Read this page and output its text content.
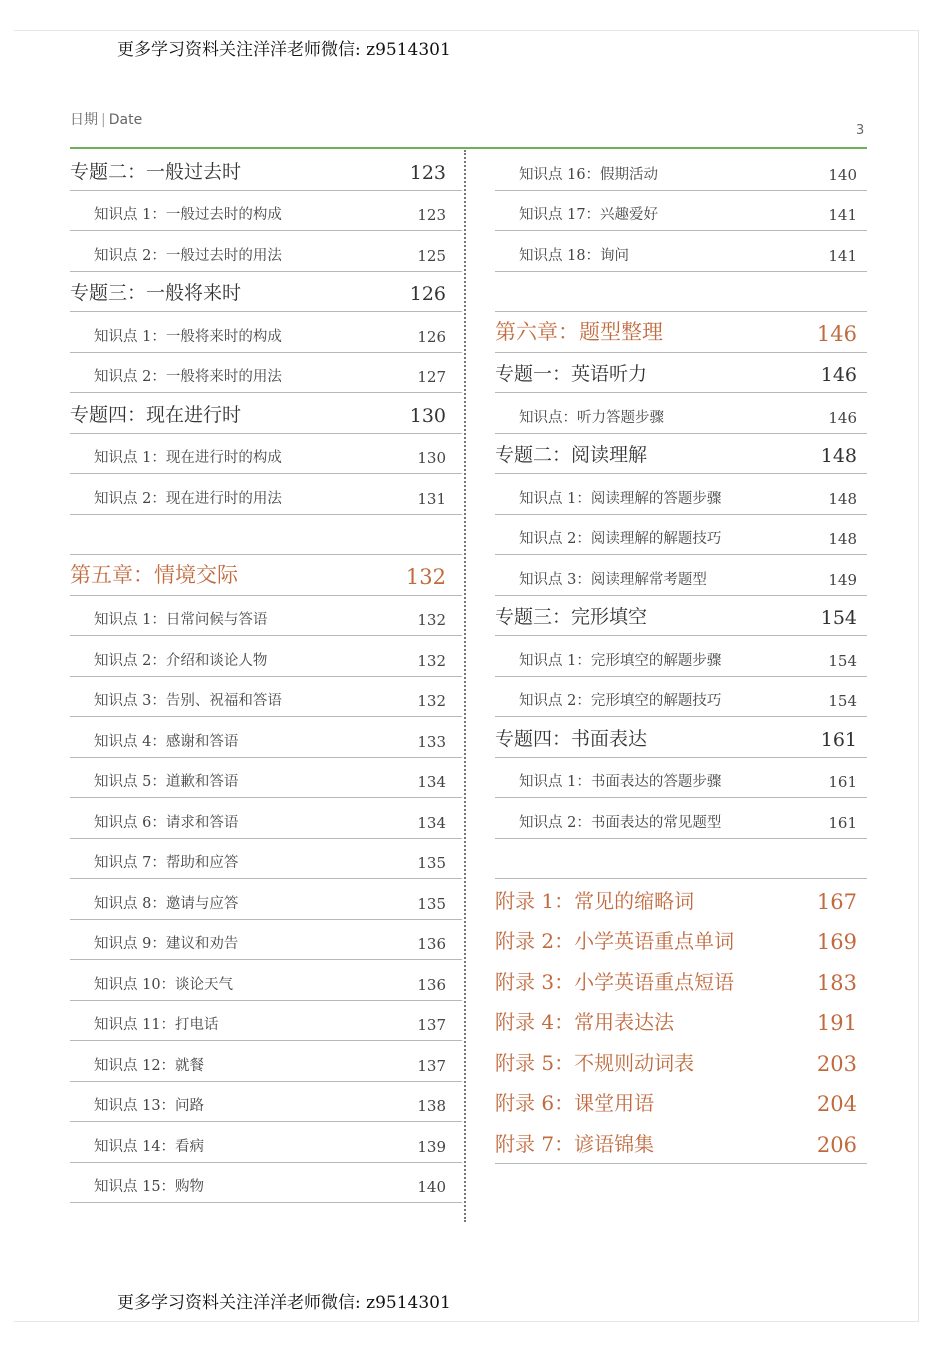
更多学习资料关注洋洋老师微信: z9514301
日期 | Date
3
专题二：一般过去时	123
知识点 1：一般过去时的构成	123
知识点 2：一般过去时的用法	125
专题三：一般将来时	126
知识点 1：一般将来时的构成	126
知识点 2：一般将来时的用法	127
专题四：现在进行时	130
知识点 1：现在进行时的构成	130
知识点 2：现在进行时的用法	131
第五章：情境交际	132
知识点 1：日常问候与答语	132
知识点 2：介绍和谈论人物	132
知识点 3：告别、祝福和答语	132
知识点 4：感谢和答语	133
知识点 5：道歉和答语	134
知识点 6：请求和答语	134
知识点 7：帮助和应答	135
知识点 8：邀请与应答	135
知识点 9：建议和劝告	136
知识点 10：谈论天气	136
知识点 11：打电话	137
知识点 12：就餐	137
知识点 13：问路	138
知识点 14：看病	139
知识点 15：购物	140
知识点 16：假期活动	140
知识点 17：兴趣爱好	141
知识点 18：询问	141
第六章：题型整理	146
专题一：英语听力	146
知识点：听力答题步骤	146
专题二：阅读理解	148
知识点 1：阅读理解的答题步骤	148
知识点 2：阅读理解的解题技巧	148
知识点 3：阅读理解常考题型	149
专题三：完形填空	154
知识点 1：完形填空的解题步骤	154
知识点 2：完形填空的解题技巧	154
专题四：书面表达	161
知识点 1：书面表达的答题步骤	161
知识点 2：书面表达的常见题型	161
附录 1：常见的缩略词	167
附录 2：小学英语重点单词	169
附录 3：小学英语重点短语	183
附录 4：常用表达法	191
附录 5：不规则动词表	203
附录 6：课堂用语	204
附录 7：谚语锦集	206
更多学习资料关注洋洋老师微信: z9514301
